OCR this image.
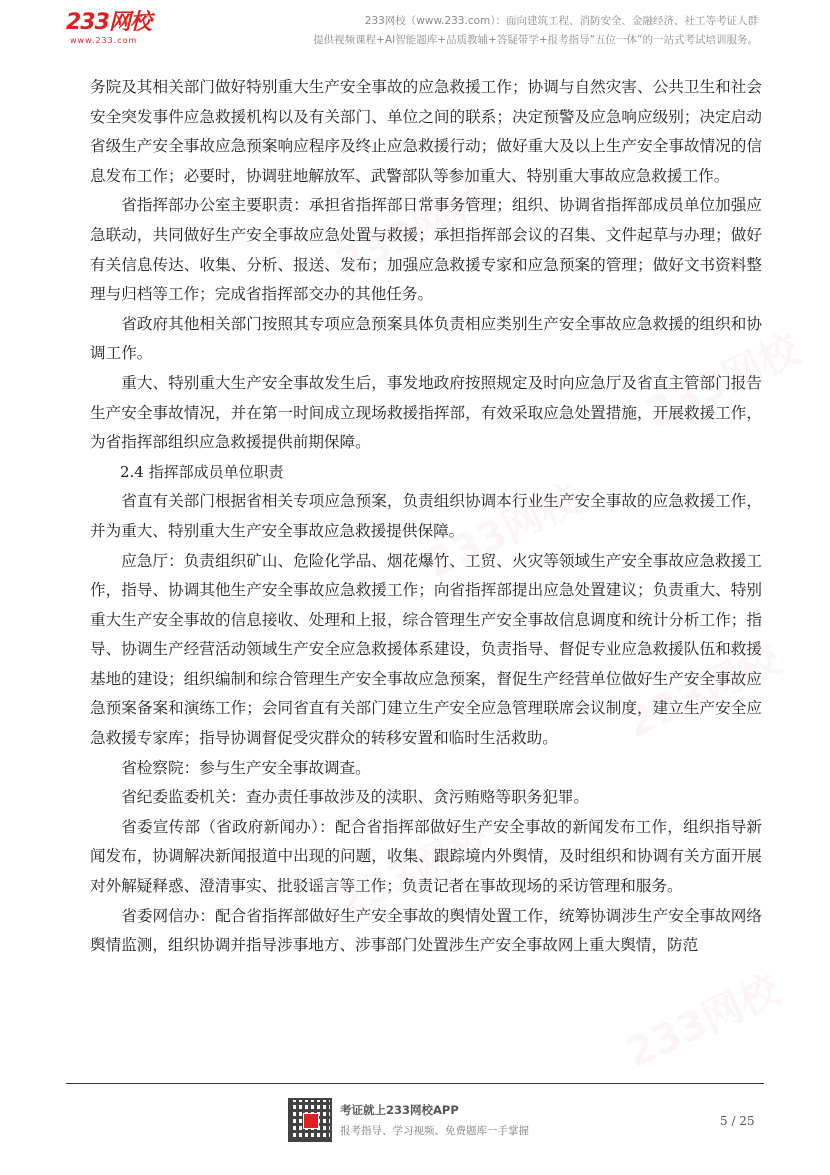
233网校
www.233.com
233网校（www.233.com）：面向建筑工程、消防安全、金融经济、社工等考证人群
提供视频课程+AI智能题库+品质教辅+答疑带学+报考指导“五位一体”的一站式考试培训服务。
233网校
233网校
233网校
233网校
233网校
233网校

务院及其相关部门做好特别重大生产安全事故的应急救援工作；协调与自然灾害、公共卫生和社会安全突发事件应急救援机构以及有关部门、单位之间的联系；决定预警及应急响应级别；决定启动省级生产安全事故应急预案响应程序及终止应急救援行动；做好重大及以上生产安全事故情况的信息发布工作；必要时，协调驻地解放军、武警部队等参加重大、特别重大事故应急救援工作。

省指挥部办公室主要职责：承担省指挥部日常事务管理；组织、协调省指挥部成员单位加强应急联动，共同做好生产安全事故应急处置与救援；承担指挥部会议的召集、文件起草与办理；做好有关信息传达、收集、分析、报送、发布；加强应急救援专家和应急预案的管理；做好文书资料整理与归档等工作；完成省指挥部交办的其他任务。

省政府其他相关部门按照其专项应急预案具体负责相应类别生产安全事故应急救援的组织和协调工作。

重大、特别重大生产安全事故发生后，事发地政府按照规定及时向应急厅及省直主管部门报告生产安全事故情况，并在第一时间成立现场救援指挥部，有效采取应急处置措施，开展救援工作，为省指挥部组织应急救援提供前期保障。

2.4 指挥部成员单位职责

省直有关部门根据省相关专项应急预案，负责组织协调本行业生产安全事故的应急救援工作，并为重大、特别重大生产安全事故应急救援提供保障。

应急厅：负责组织矿山、危险化学品、烟花爆竹、工贸、火灾等领域生产安全事故应急救援工作，指导、协调其他生产安全事故应急救援工作；向省指挥部提出应急处置建议；负责重大、特别重大生产安全事故的信息接收、处理和上报，综合管理生产安全事故信息调度和统计分析工作；指导、协调生产经营活动领域生产安全应急救援体系建设，负责指导、督促专业应急救援队伍和救援基地的建设；组织编制和综合管理生产安全事故应急预案，督促生产经营单位做好生产安全事故应急预案备案和演练工作；会同省直有关部门建立生产安全应急管理联席会议制度，建立生产安全应急救援专家库；指导协调督促受灾群众的转移安置和临时生活救助。

省检察院：参与生产安全事故调查。

省纪委监委机关：查办责任事故涉及的渎职、贪污贿赂等职务犯罪。

省委宣传部（省政府新闻办）：配合省指挥部做好生产安全事故的新闻发布工作，组织指导新闻发布，协调解决新闻报道中出现的问题，收集、跟踪境内外舆情，及时组织和协调有关方面开展对外解疑释惑、澄清事实、批驳谣言等工作；负责记者在事故现场的采访管理和服务。

省委网信办：配合省指挥部做好生产安全事故的舆情处置工作，统筹协调涉生产安全事故网络舆情监测，组织协调并指导涉事地方、涉事部门处置涉生产安全事故网上重大舆情，防范

考证就上233网校APP
报考指导、学习视频、免费题库一手掌握
5 / 25
